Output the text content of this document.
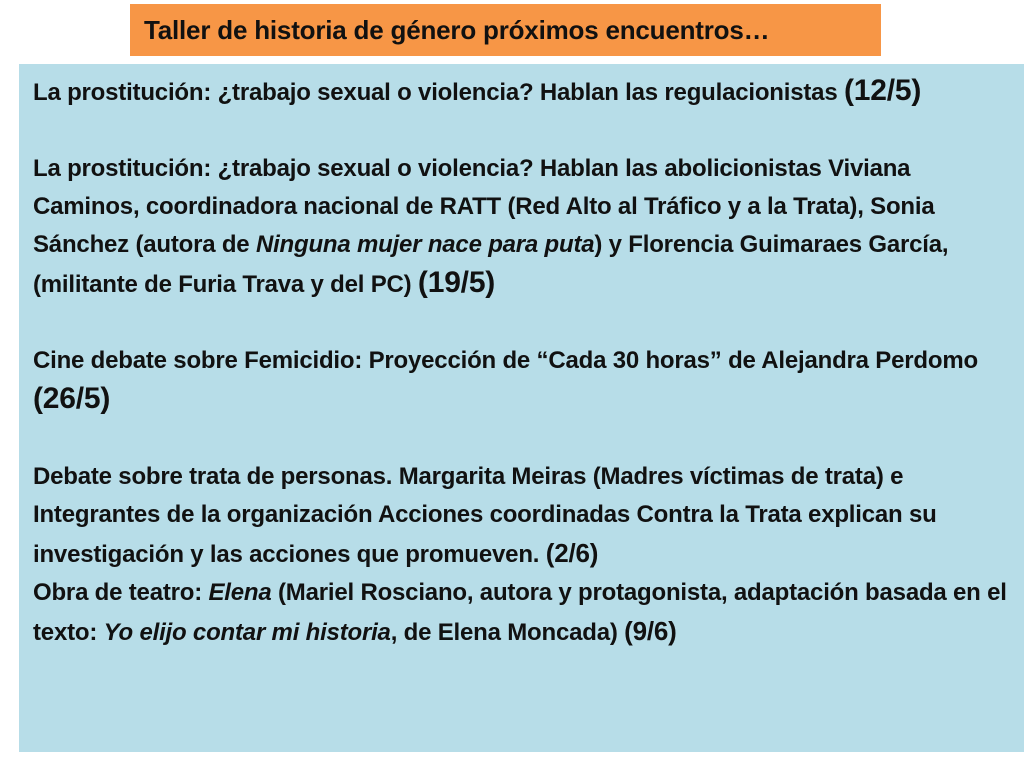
Taller de historia de género próximos encuentros…

La prostitución: ¿trabajo sexual o violencia? Hablan las regulacionistas (12/5)

La prostitución: ¿trabajo sexual o violencia? Hablan las abolicionistas Viviana Caminos, coordinadora nacional de RATT (Red Alto al Tráfico y a la Trata), Sonia Sánchez (autora de Ninguna mujer nace para puta) y Florencia Guimaraes García, (militante de Furia Trava y del PC) (19/5)

Cine debate sobre Femicidio: Proyección de “Cada 30 horas” de Alejandra Perdomo (26/5)

Debate sobre trata de personas. Margarita Meiras (Madres víctimas de trata) e Integrantes de la organización Acciones coordinadas Contra la Trata explican su investigación y las acciones que promueven. (2/6)

Obra de teatro: Elena (Mariel Rosciano, autora y protagonista, adaptación basada en el texto: Yo elijo contar mi historia, de Elena Moncada) (9/6)
